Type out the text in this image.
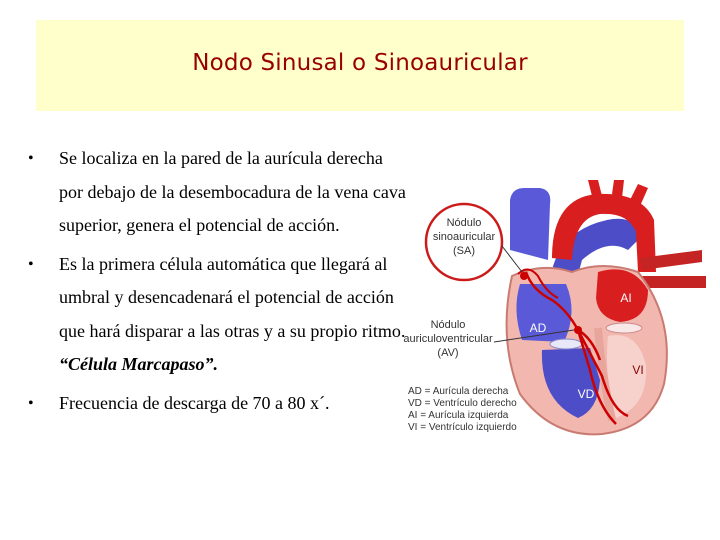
Nodo Sinusal o Sinoauricular
• Se localiza en la pared de la aurícula derecha por debajo de la desembocadura de la vena cava superior, genera el potencial de acción.
• Es la primera célula automática que llegará al umbral y desencadenará el potencial de acción que hará disparar a las otras y a su propio ritmo. “Célula Marcapaso”.
• Frecuencia de descarga de 70 a 80 x´.
Nódulo
sinoauricular
(SA)
Nódulo
auriculoventricular
(AV)
AD
AI
VD
VI
AD = Aurícula derecha
VD = Ventrículo derecho
AI = Aurícula izquierda
VI = Ventrículo izquierdo
